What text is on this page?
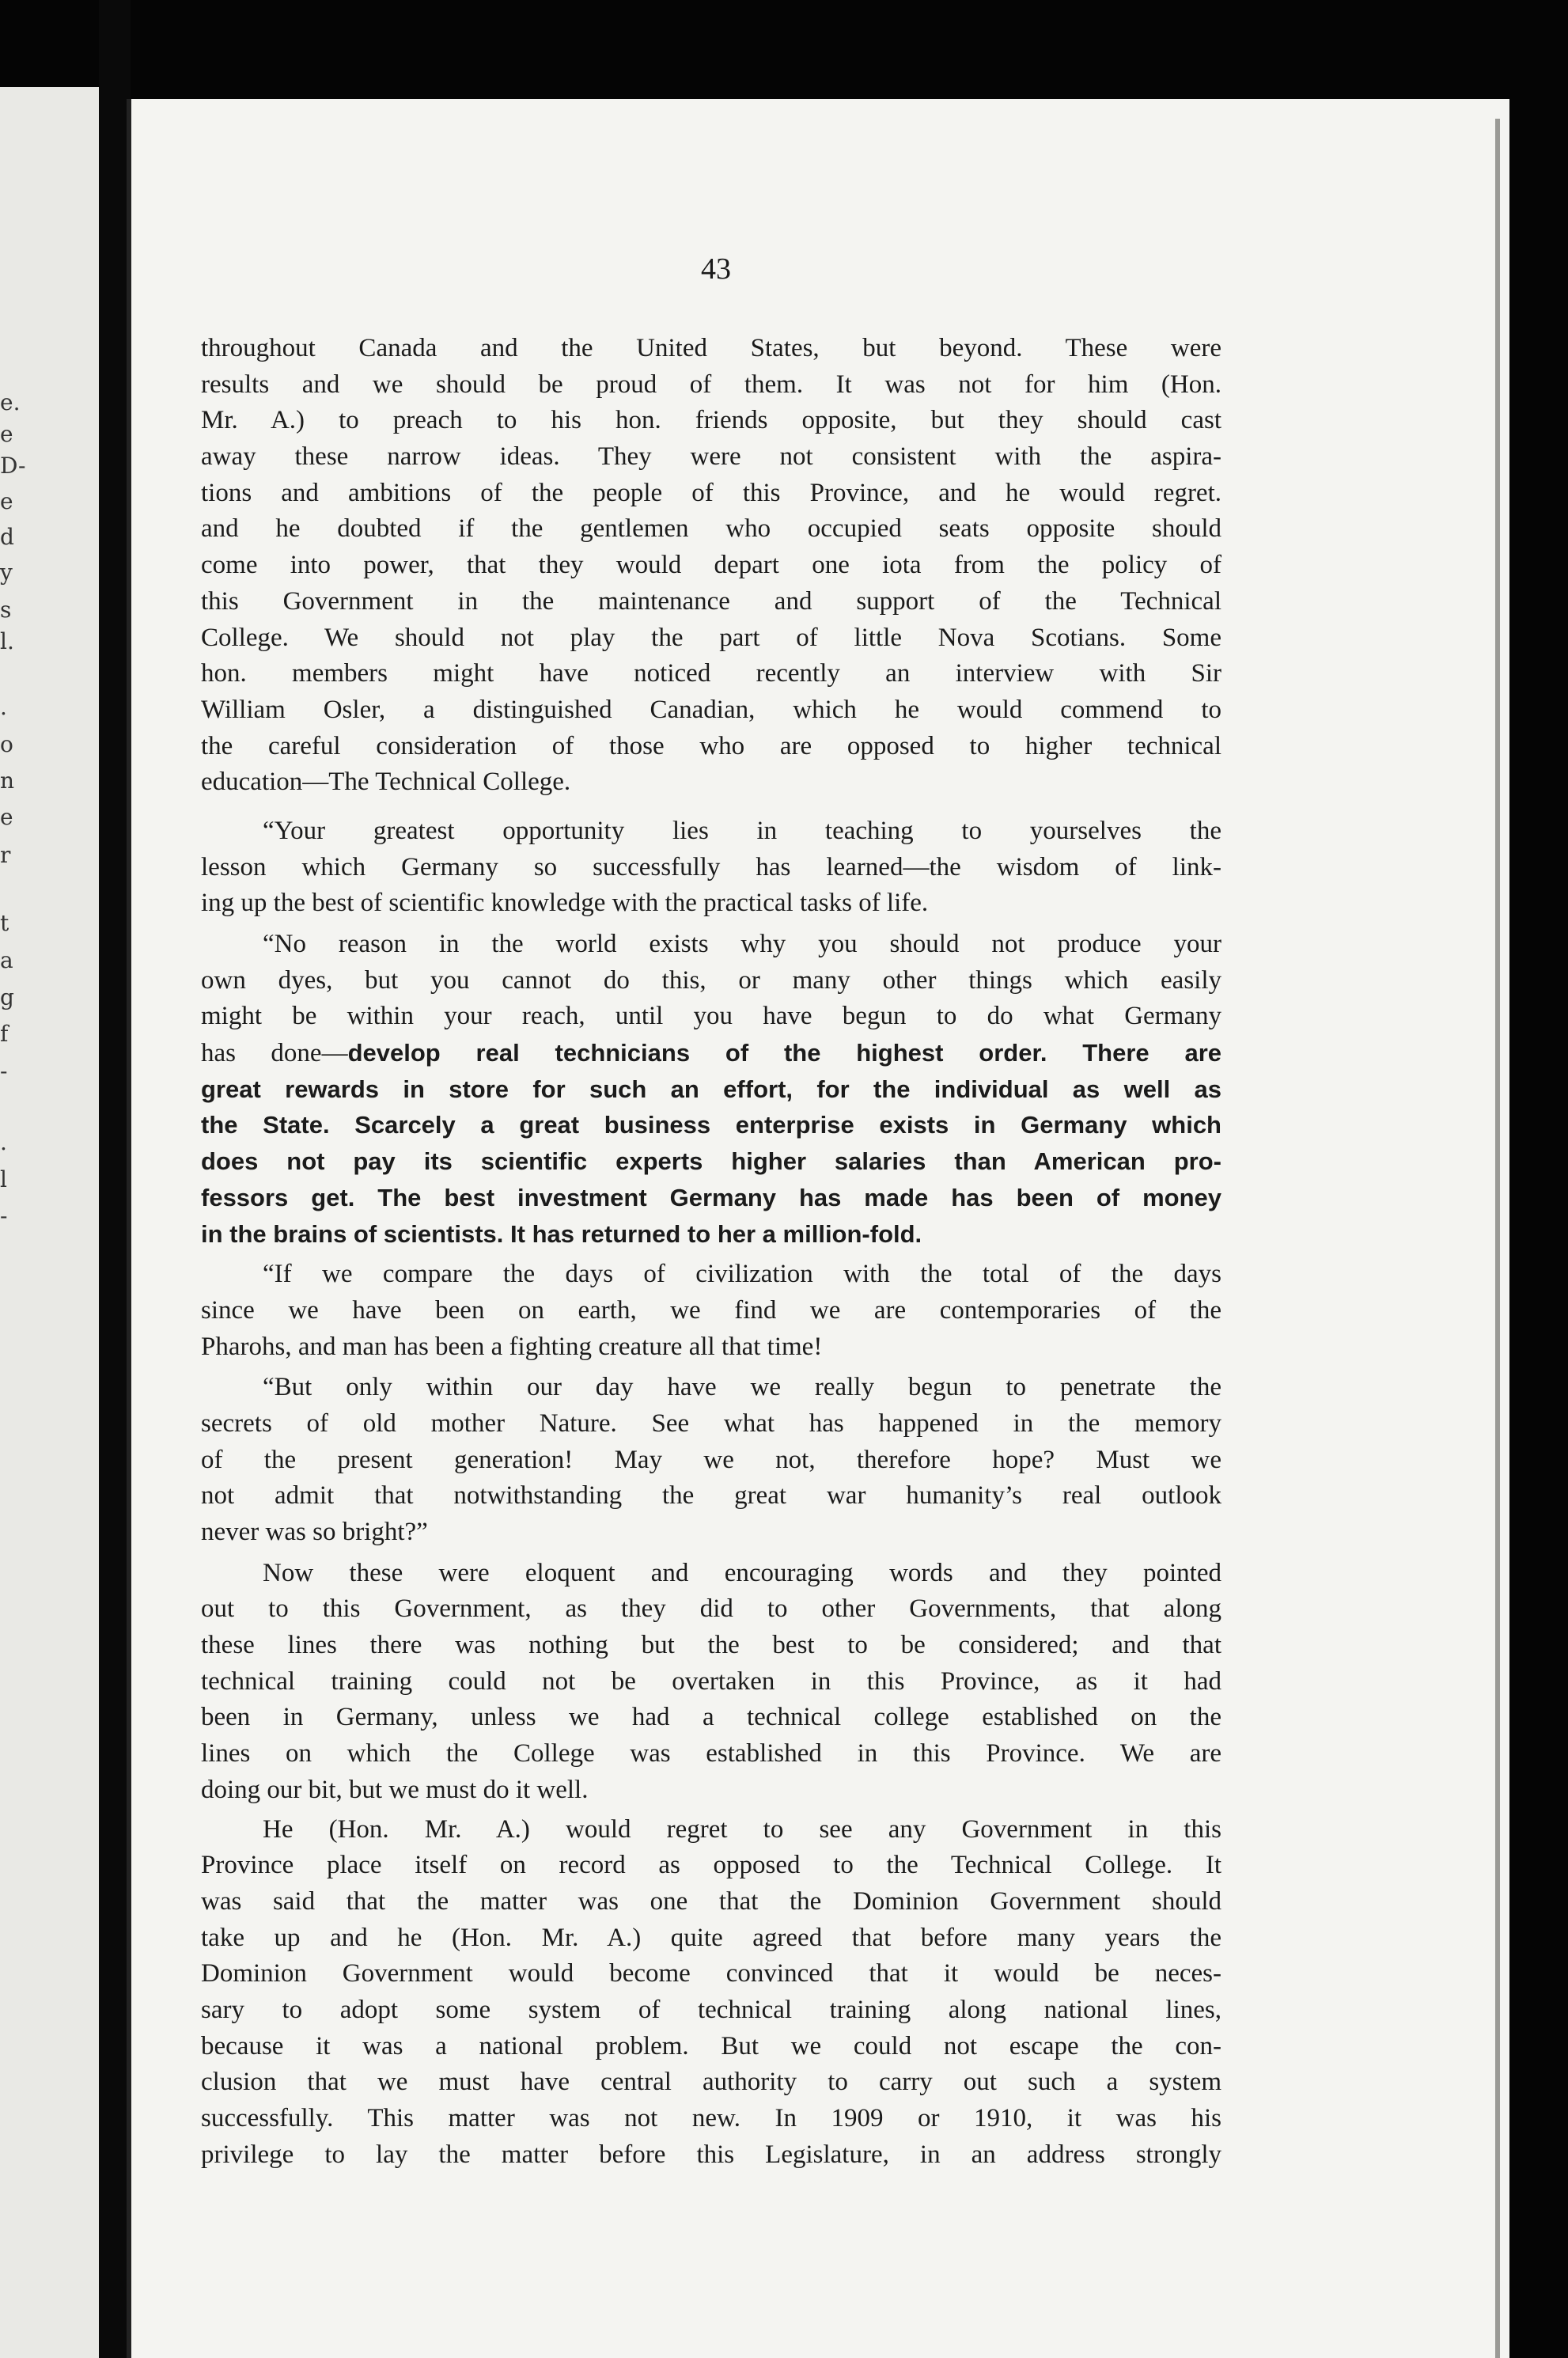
e.
e
D-
e
d
y
s
l.
.
o
n
e
r
t
a
g
f
-
.
l
-
43
throughout Canada and the United States, but beyond. These were
results and we should be proud of them. It was not for him (Hon.
Mr. A.) to preach to his hon. friends opposite, but they should cast
away these narrow ideas. They were not consistent with the aspira-
tions and ambitions of the people of this Province, and he would regret.
and he doubted if the gentlemen who occupied seats opposite should
come into power, that they would depart one iota from the policy of
this Government in the maintenance and support of the Technical
College. We should not play the part of little Nova Scotians. Some
hon. members might have noticed recently an interview with Sir
William Osler, a distinguished Canadian, which he would commend to
the careful consideration of those who are opposed to higher technical
education—The Technical College.
“Your greatest opportunity lies in teaching to yourselves the
lesson which Germany so successfully has learned—the wisdom of link-
ing up the best of scientific knowledge with the practical tasks of life.
“No reason in the world exists why you should not produce your
own dyes, but you cannot do this, or many other things which easily
might be within your reach, until you have begun to do what Germany
has done—develop real technicians of the highest order. There are
great rewards in store for such an effort, for the individual as well as
the State. Scarcely a great business enterprise exists in Germany which
does not pay its scientific experts higher salaries than American pro-
fessors get. The best investment Germany has made has been of money
in the brains of scientists. It has returned to her a million-fold.
“If we compare the days of civilization with the total of the days
since we have been on earth, we find we are contemporaries of the
Pharohs, and man has been a fighting creature all that time!
“But only within our day have we really begun to penetrate the
secrets of old mother Nature. See what has happened in the memory
of the present generation! May we not, therefore hope? Must we
not admit that notwithstanding the great war humanity’s real outlook
never was so bright?”
Now these were eloquent and encouraging words and they pointed
out to this Government, as they did to other Governments, that along
these lines there was nothing but the best to be considered; and that
technical training could not be overtaken in this Province, as it had
been in Germany, unless we had a technical college established on the
lines on which the College was established in this Province. We are
doing our bit, but we must do it well.
He (Hon. Mr. A.) would regret to see any Government in this
Province place itself on record as opposed to the Technical College. It
was said that the matter was one that the Dominion Government should
take up and he (Hon. Mr. A.) quite agreed that before many years the
Dominion Government would become convinced that it would be neces-
sary to adopt some system of technical training along national lines,
because it was a national problem. But we could not escape the con-
clusion that we must have central authority to carry out such a system
successfully. This matter was not new. In 1909 or 1910, it was his
privilege to lay the matter before this Legislature, in an address strongly
